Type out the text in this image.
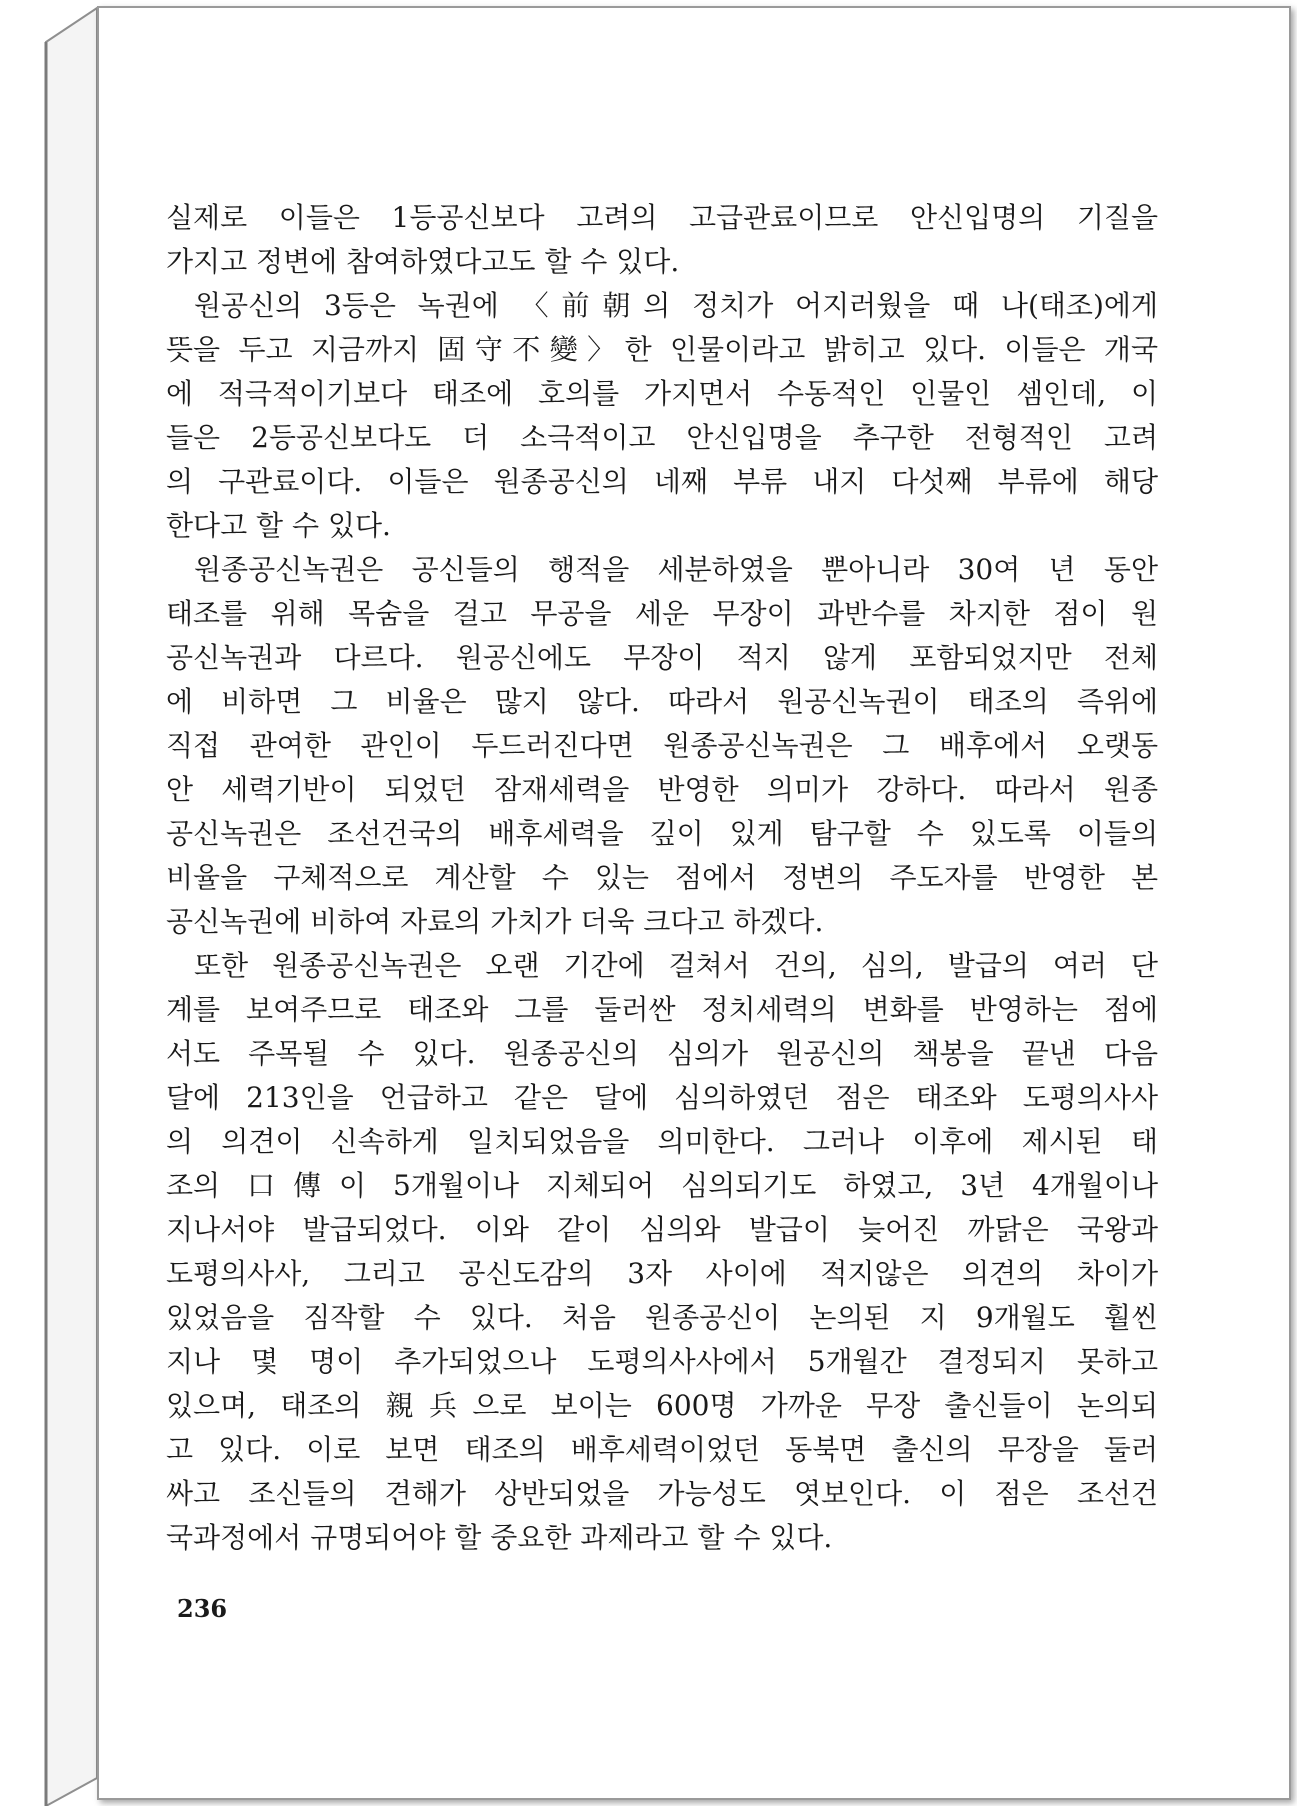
실제로 이들은 1등공신보다 고려의 고급관료이므로 안신입명의 기질을
가지고 정변에 참여하였다고도 할 수 있다.
원공신의 3등은 녹권에 〈前朝의 정치가 어지러웠을 때 나(태조)에게
뜻을 두고 지금까지 固守不變〉한 인물이라고 밝히고 있다. 이들은 개국
에 적극적이기보다 태조에 호의를 가지면서 수동적인 인물인 셈인데, 이
들은 2등공신보다도 더 소극적이고 안신입명을 추구한 전형적인 고려
의 구관료이다. 이들은 원종공신의 네째 부류 내지 다섯째 부류에 해당
한다고 할 수 있다.
원종공신녹권은 공신들의 행적을 세분하였을 뿐아니라 30여 년 동안
태조를 위해 목숨을 걸고 무공을 세운 무장이 과반수를 차지한 점이 원
공신녹권과 다르다. 원공신에도 무장이 적지 않게 포함되었지만 전체
에 비하면 그 비율은 많지 않다. 따라서 원공신녹권이 태조의 즉위에
직접 관여한 관인이 두드러진다면 원종공신녹권은 그 배후에서 오랫동
안 세력기반이 되었던 잠재세력을 반영한 의미가 강하다. 따라서 원종
공신녹권은 조선건국의 배후세력을 깊이 있게 탐구할 수 있도록 이들의
비율을 구체적으로 계산할 수 있는 점에서 정변의 주도자를 반영한 본
공신녹권에 비하여 자료의 가치가 더욱 크다고 하겠다.
또한 원종공신녹권은 오랜 기간에 걸쳐서 건의, 심의, 발급의 여러 단
계를 보여주므로 태조와 그를 둘러싼 정치세력의 변화를 반영하는 점에
서도 주목될 수 있다. 원종공신의 심의가 원공신의 책봉을 끝낸 다음
달에 213인을 언급하고 같은 달에 심의하였던 점은 태조와 도평의사사
의 의견이 신속하게 일치되었음을 의미한다. 그러나 이후에 제시된 태
조의 口傳이 5개월이나 지체되어 심의되기도 하였고, 3년 4개월이나
지나서야 발급되었다. 이와 같이 심의와 발급이 늦어진 까닭은 국왕과
도평의사사, 그리고 공신도감의 3자 사이에 적지않은 의견의 차이가
있었음을 짐작할 수 있다. 처음 원종공신이 논의된 지 9개월도 훨씬
지나 몇 명이 추가되었으나 도평의사사에서 5개월간 결정되지 못하고
있으며, 태조의 親兵으로 보이는 600명 가까운 무장 출신들이 논의되
고 있다. 이로 보면 태조의 배후세력이었던 동북면 출신의 무장을 둘러
싸고 조신들의 견해가 상반되었을 가능성도 엿보인다. 이 점은 조선건
국과정에서 규명되어야 할 중요한 과제라고 할 수 있다.
236
